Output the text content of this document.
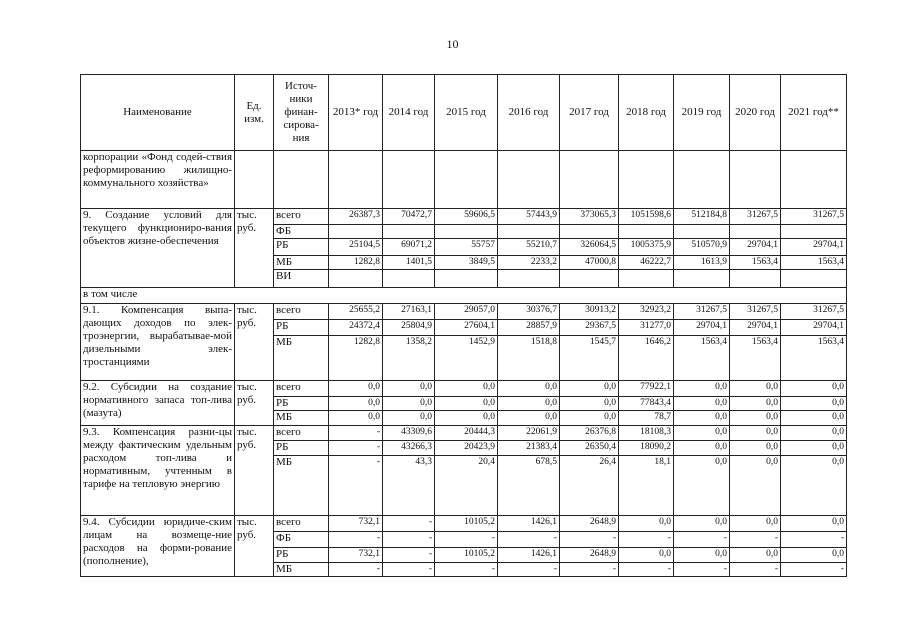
10
Наименование	Ед. изм.	Источ-ники финан-сирова-ния	2013* год	2014 год	2015 год	2016 год	2017 год	2018 год	2019 год	2020 год	2021 год**
корпорации «Фонд содей-ствия реформированию жилищно-коммунального хозяйства»											
9. Создание условий для текущего функциониро-вания объектов жизне-обеспечения	тыс. руб.	всего	26387,3	70472,7	59606,5	57443,9	373065,3	1051598,6	512184,8	31267,5	31267,5
		ФБ									
		РБ	25104,5	69071,2	55757	55210,7	326064,5	1005375,9	510570,9	29704,1	29704,1
		МБ	1282,8	1401,5	3849,5	2233,2	47000,8	46222,7	1613,9	1563,4	1563,4
		ВИ									
в том числе											
9.1. Компенсация выпа-дающих доходов по элек-троэнергии, вырабатывае-мой дизельными элек-тростанциями	тыс. руб.	всего	25655,2	27163,1	29057,0	30376,7	30913,2	32923,2	31267,5	31267,5	31267,5
		РБ	24372,4	25804,9	27604,1	28857,9	29367,5	31277,0	29704,1	29704,1	29704,1
		МБ	1282,8	1358,2	1452,9	1518,8	1545,7	1646,2	1563,4	1563,4	1563,4
9.2. Субсидии на создание нормативного запаса топ-лива (мазута)	тыс. руб.	всего	0,0	0,0	0,0	0,0	0,0	77922,1	0,0	0,0	0,0
		РБ	0,0	0,0	0,0	0,0	0,0	77843,4	0,0	0,0	0,0
		МБ	0,0	0,0	0,0	0,0	0,0	78,7	0,0	0,0	0,0
9.3. Компенсация разни-цы между фактическим удельным расходом топ-лива и нормативным, учтенным в тарифе на тепловую энергию	тыс. руб.	всего	-	43309,6	20444,3	22061,9	26376,8	18108,3	0,0	0,0	0,0
		РБ	-	43266,3	20423,9	21383,4	26350,4	18090,2	0,0	0,0	0,0
		МБ	-	43,3	20,4	678,5	26,4	18,1	0,0	0,0	0,0
9.4. Субсидии юридиче-ским лицам на возмеще-ние расходов на форми-рование (пополнение),	тыс. руб.	всего	732,1	-	10105,2	1426,1	2648,9	0,0	0,0	0,0	0,0
		ФБ	-	-	-	-	-	-	-	-	-
		РБ	732,1	-	10105,2	1426,1	2648,9	0,0	0,0	0,0	0,0
		МБ	-	-	-	-	-	-	-	-	-
